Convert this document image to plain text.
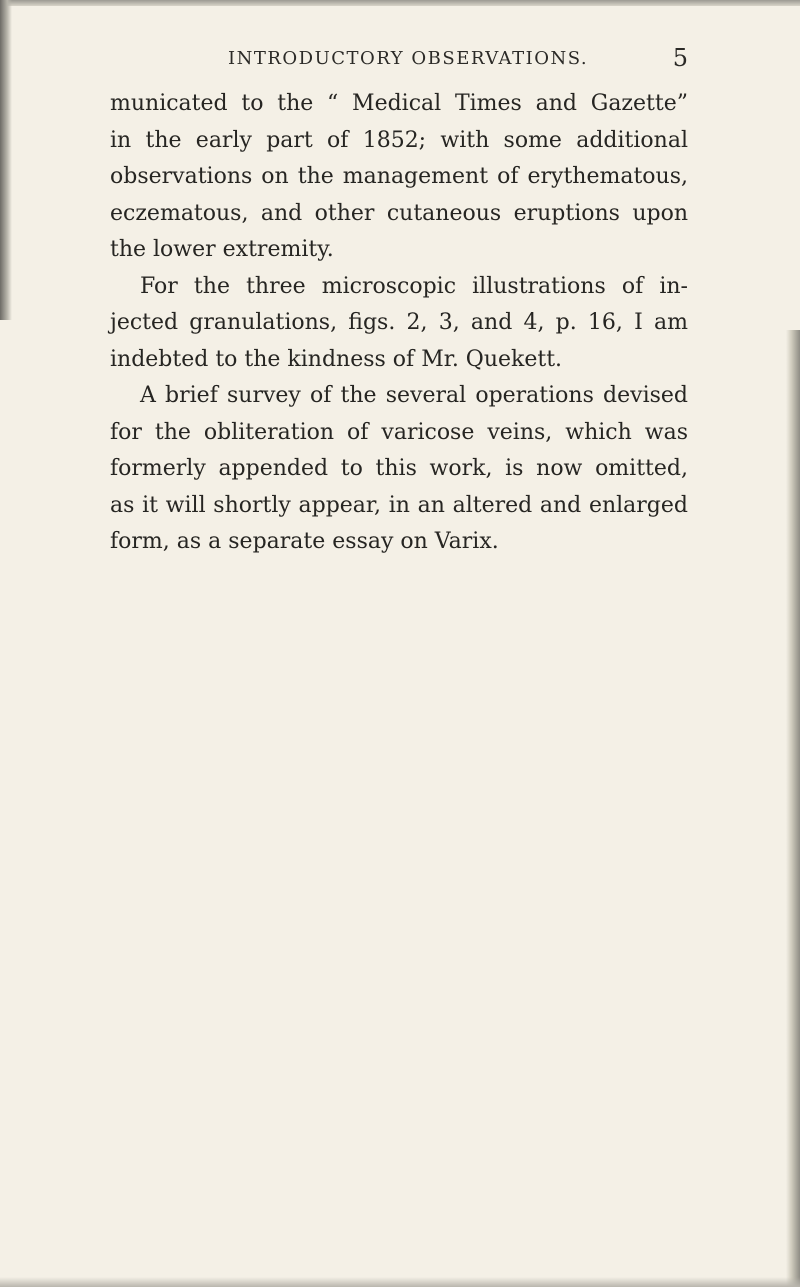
INTRODUCTORY OBSERVATIONS.	5
municated to the “ Medical Times and Gazette”
in the early part of 1852; with some additional
observations on the management of erythematous,
eczematous, and other cutaneous eruptions upon
the lower extremity.
For the three microscopic illustrations of in-
jected granulations, figs. 2, 3, and 4, p. 16, I am
indebted to the kindness of Mr. Quekett.
A brief survey of the several operations devised
for the obliteration of varicose veins, which was
formerly appended to this work, is now omitted,
as it will shortly appear, in an altered and enlarged
form, as a separate essay on Varix.
